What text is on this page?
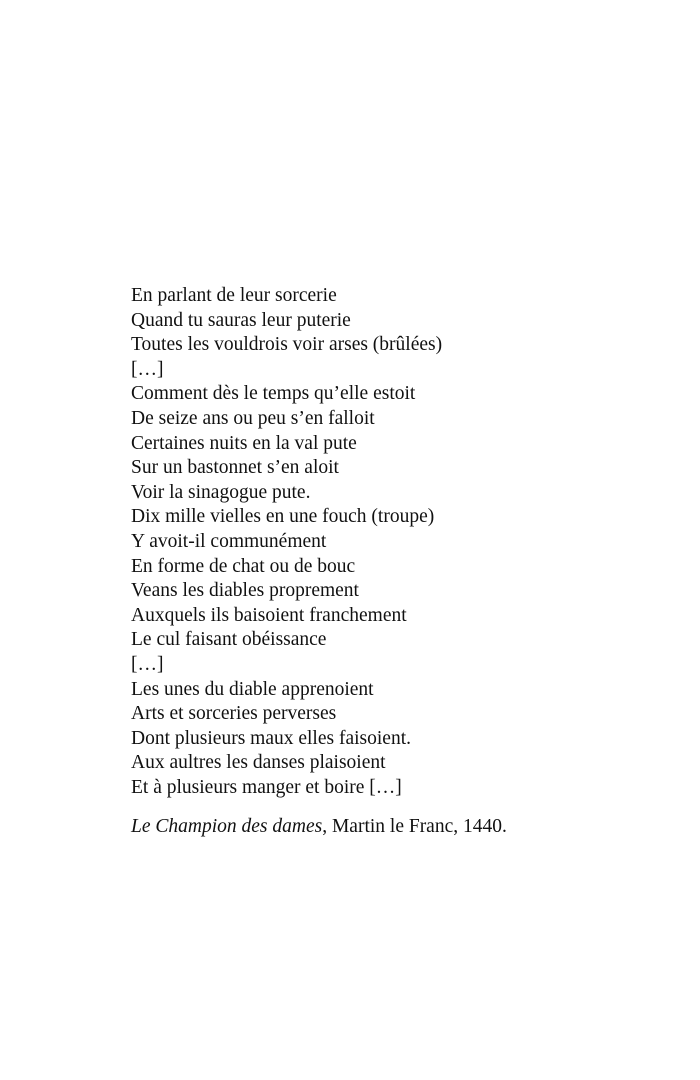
En parlant de leur sorcerie
Quand tu sauras leur puterie
Toutes les vouldrois voir arses (brûlées)
[…]
Comment dès le temps qu’elle estoit
De seize ans ou peu s’en falloit
Certaines nuits en la val pute
Sur un bastonnet s’en aloit
Voir la sinagogue pute.
Dix mille vielles en une fouch (troupe)
Y avoit-il communément
En forme de chat ou de bouc
Veans les diables proprement
Auxquels ils baisoient franchement
Le cul faisant obéissance
[…]
Les unes du diable apprenoient
Arts et sorceries perverses
Dont plusieurs maux elles faisoient.
Aux aultres les danses plaisoient
Et à plusieurs manger et boire […]

Le Champion des dames, Martin le Franc, 1440.
